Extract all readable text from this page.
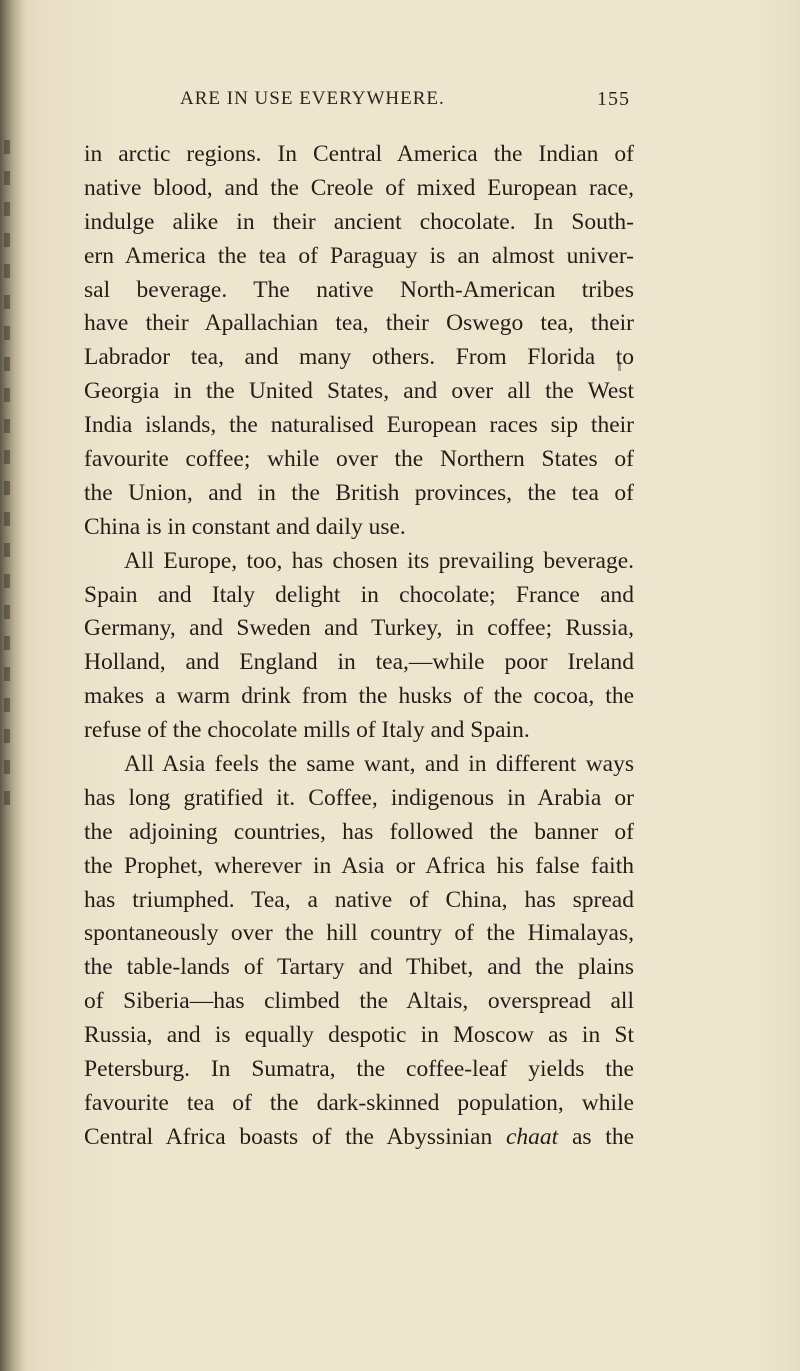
ARE IN USE EVERYWHERE.	155
in arctic regions. In Central America the Indian of
native blood, and the Creole of mixed European race,
indulge alike in their ancient chocolate. In South-
ern America the tea of Paraguay is an almost univer-
sal beverage. The native North-American tribes
have their Apallachian tea, their Oswego tea, their
Labrador tea, and many others. From Florida to
Georgia in the United States, and over all the West
India islands, the naturalised European races sip their
favourite coffee; while over the Northern States of
the Union, and in the British provinces, the tea of
China is in constant and daily use.
All Europe, too, has chosen its prevailing beverage.
Spain and Italy delight in chocolate; France and
Germany, and Sweden and Turkey, in coffee; Russia,
Holland, and England in tea,—while poor Ireland
makes a warm drink from the husks of the cocoa, the
refuse of the chocolate mills of Italy and Spain.
All Asia feels the same want, and in different ways
has long gratified it. Coffee, indigenous in Arabia or
the adjoining countries, has followed the banner of
the Prophet, wherever in Asia or Africa his false faith
has triumphed. Tea, a native of China, has spread
spontaneously over the hill country of the Himalayas,
the table-lands of Tartary and Thibet, and the plains
of Siberia—has climbed the Altais, overspread all
Russia, and is equally despotic in Moscow as in St
Petersburg. In Sumatra, the coffee-leaf yields the
favourite tea of the dark-skinned population, while
Central Africa boasts of the Abyssinian chaat as the
